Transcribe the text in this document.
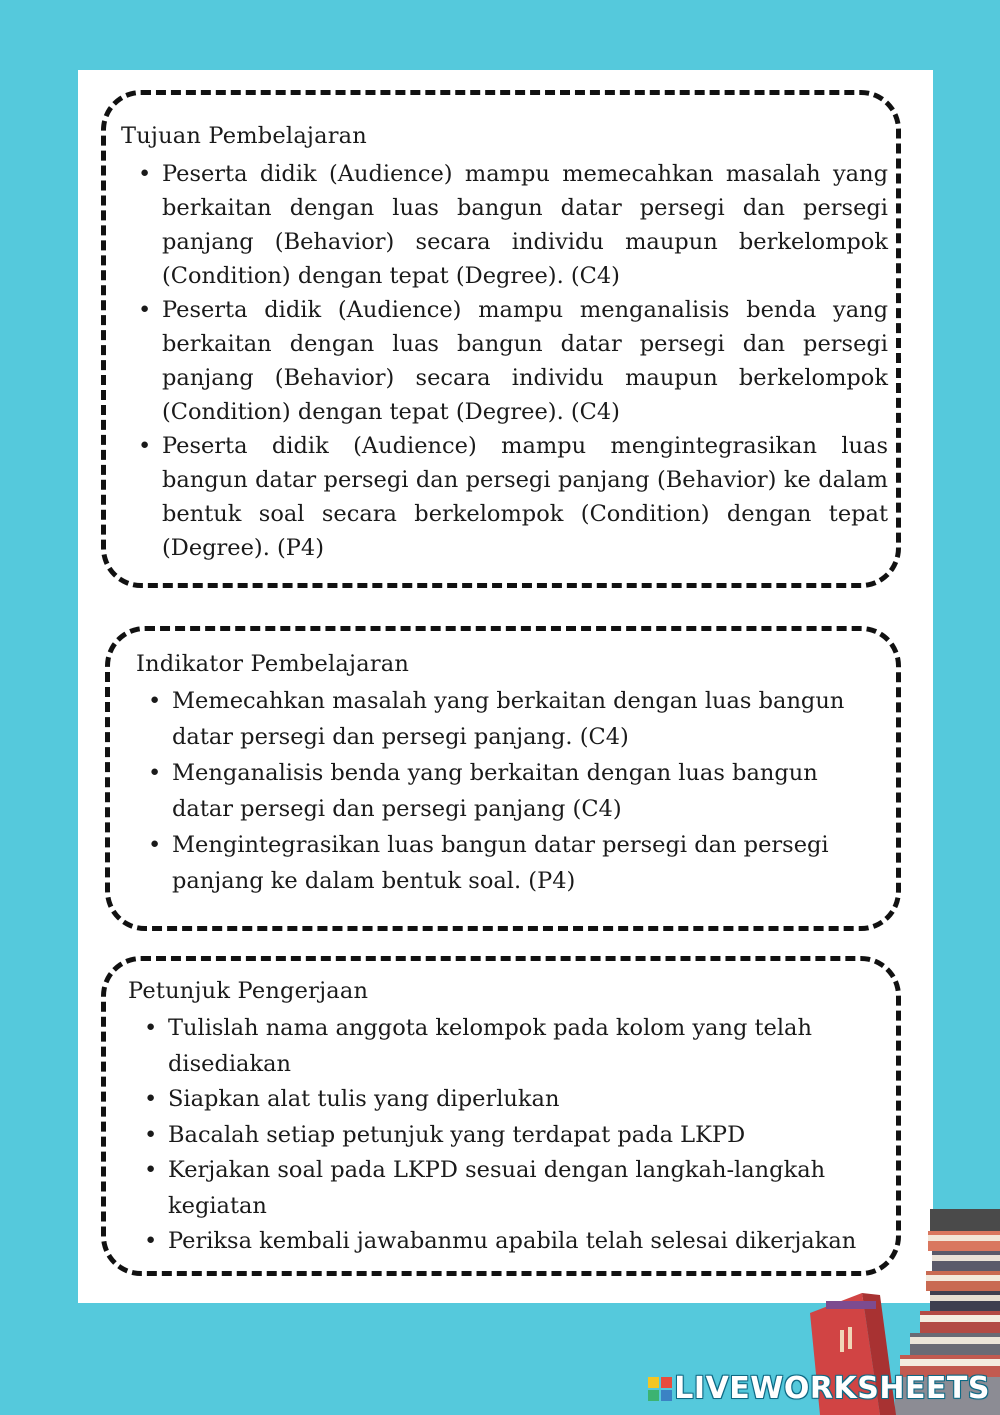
Tujuan Pembelajaran
• Peserta didik (Audience) mampu memecahkan masalah yang berkaitan dengan luas bangun datar persegi dan persegi panjang (Behavior) secara individu maupun berkelompok (Condition) dengan tepat (Degree). (C4)
• Peserta didik (Audience) mampu menganalisis benda yang berkaitan dengan luas bangun datar persegi dan persegi panjang (Behavior) secara individu maupun berkelompok (Condition) dengan tepat (Degree). (C4)
• Peserta didik (Audience) mampu mengintegrasikan luas bangun datar persegi dan persegi panjang (Behavior) ke dalam bentuk soal secara berkelompok (Condition) dengan tepat (Degree). (P4)
Indikator Pembelajaran
• Memecahkan masalah yang berkaitan dengan luas bangun datar persegi dan persegi panjang. (C4)
• Menganalisis benda yang berkaitan dengan luas bangun datar persegi dan persegi panjang (C4)
• Mengintegrasikan luas bangun datar persegi dan persegi panjang ke dalam bentuk soal. (P4)
Petunjuk Pengerjaan
• Tulislah nama anggota kelompok pada kolom yang telah disediakan
• Siapkan alat tulis yang diperlukan
• Bacalah setiap petunjuk yang terdapat pada LKPD
• Kerjakan soal pada LKPD sesuai dengan langkah-langkah kegiatan
• Periksa kembali jawabanmu apabila telah selesai dikerjakan
LIVEWORKSHEETS
